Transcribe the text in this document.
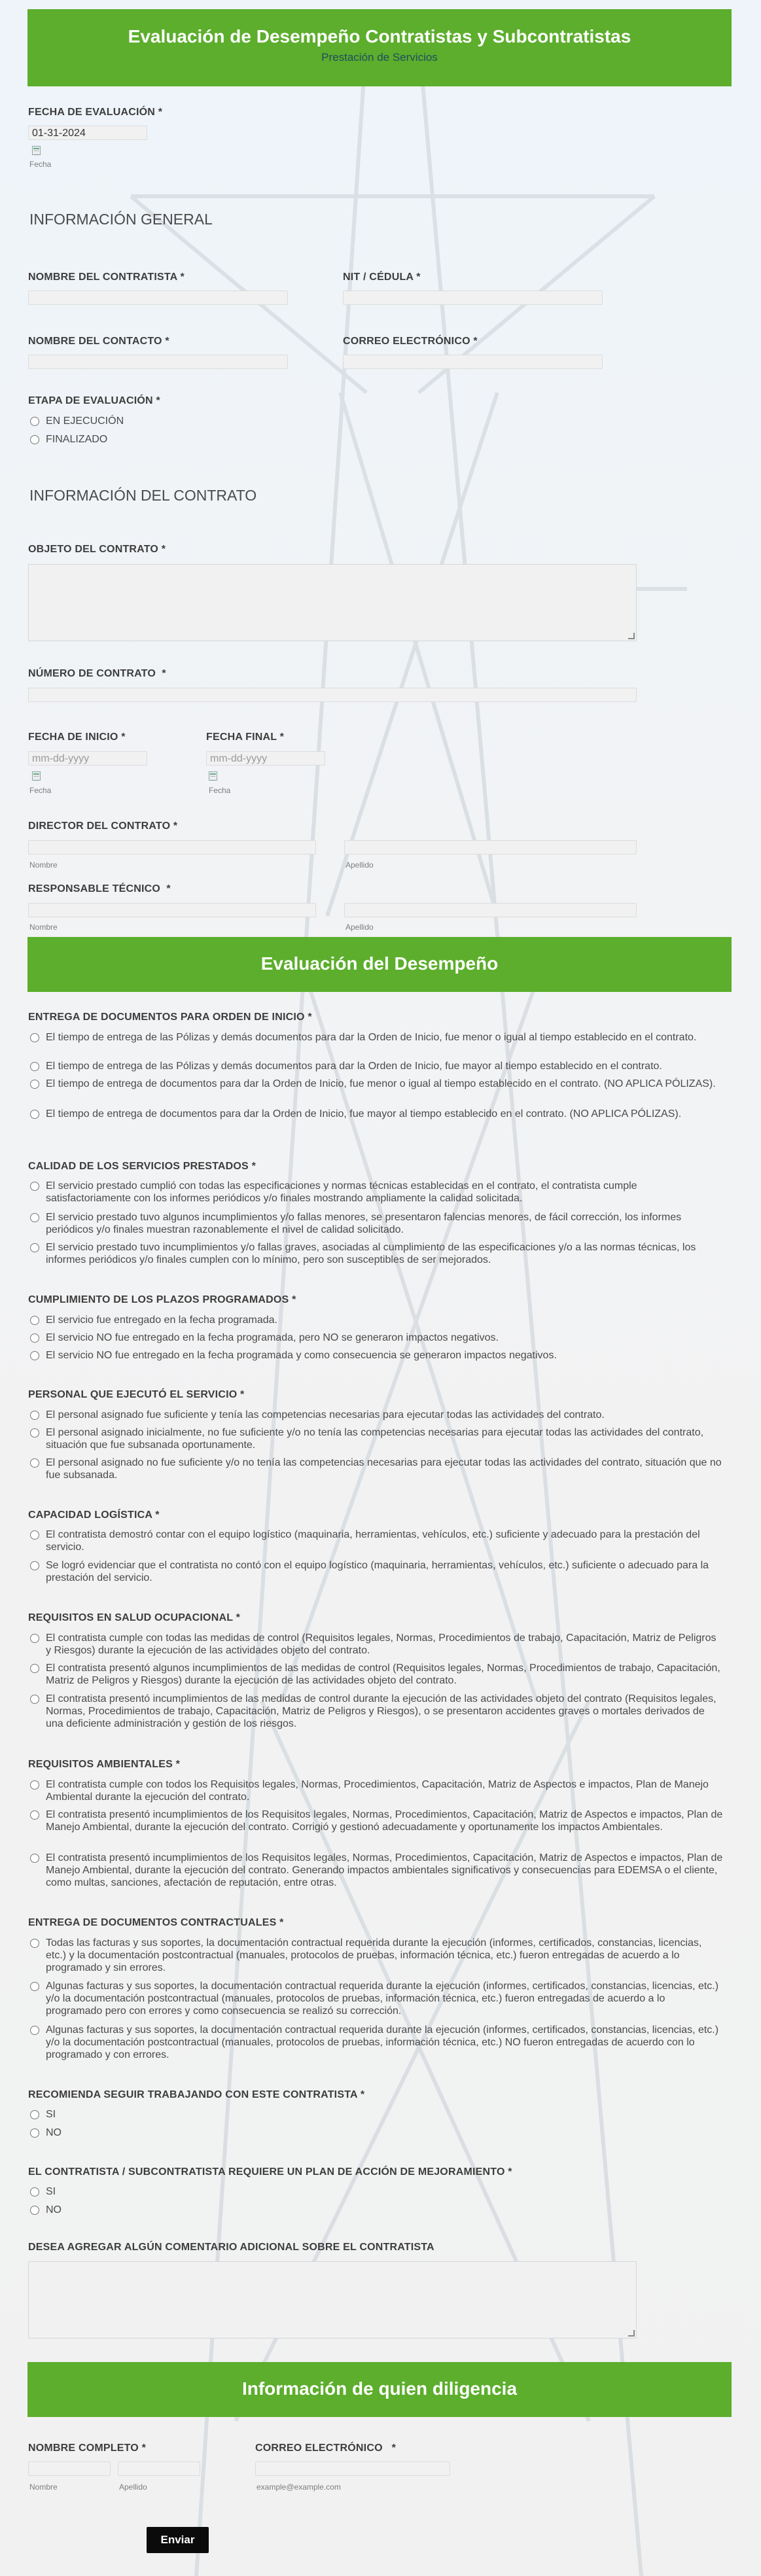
Evaluación de Desempeño Contratistas y Subcontratistas
Prestación de Servicios
FECHA DE EVALUACIÓN *
01-31-2024
Fecha
INFORMACIÓN GENERAL
NOMBRE DEL CONTRATISTA *	NIT / CÉDULA *
NOMBRE DEL CONTACTO *	CORREO ELECTRÓNICO *
ETAPA DE EVALUACIÓN *
EN EJECUCIÓN
FINALIZADO
INFORMACIÓN DEL CONTRATO
OBJETO DEL CONTRATO *
NÚMERO DE CONTRATO *
FECHA DE INICIO *
mm-dd-yyyy
Fecha
FECHA FINAL *
mm-dd-yyyy
Fecha
DIRECTOR DEL CONTRATO *
Nombre	Apellido
RESPONSABLE TÉCNICO *
Nombre	Apellido
Evaluación del Desempeño
ENTREGA DE DOCUMENTOS PARA ORDEN DE INICIO *
El tiempo de entrega de las Pólizas y demás documentos para dar la Orden de Inicio, fue menor o igual al tiempo establecido en el contrato.
El tiempo de entrega de las Pólizas y demás documentos para dar la Orden de Inicio, fue mayor al tiempo establecido en el contrato.
El tiempo de entrega de documentos para dar la Orden de Inicio, fue menor o igual al tiempo establecido en el contrato. (NO APLICA PÓLIZAS).
El tiempo de entrega de documentos para dar la Orden de Inicio, fue mayor al tiempo establecido en el contrato. (NO APLICA PÓLIZAS).
CALIDAD DE LOS SERVICIOS PRESTADOS *
El servicio prestado cumplió con todas las especificaciones y normas técnicas establecidas en el contrato, el contratista cumple satisfactoriamente con los informes periódicos y/o finales mostrando ampliamente la calidad solicitada.
El servicio prestado tuvo algunos incumplimientos y/o fallas menores, se presentaron falencias menores, de fácil corrección, los informes periódicos y/o finales muestran razonablemente el nivel de calidad solicitado.
El servicio prestado tuvo incumplimientos y/o fallas graves, asociadas al cumplimiento de las especificaciones y/o a las normas técnicas, los informes periódicos y/o finales cumplen con lo mínimo, pero son susceptibles de ser mejorados.
CUMPLIMIENTO DE LOS PLAZOS PROGRAMADOS *
El servicio fue entregado en la fecha programada.
El servicio NO fue entregado en la fecha programada, pero NO se generaron impactos negativos.
El servicio NO fue entregado en la fecha programada y como consecuencia se generaron impactos negativos.
PERSONAL QUE EJECUTÓ EL SERVICIO *
El personal asignado fue suficiente y tenía las competencias necesarias para ejecutar todas las actividades del contrato.
El personal asignado inicialmente, no fue suficiente y/o no tenía las competencias necesarias para ejecutar todas las actividades del contrato, situación que fue subsanada oportunamente.
El personal asignado no fue suficiente y/o no tenía las competencias necesarias para ejecutar todas las actividades del contrato, situación que no fue subsanada.
CAPACIDAD LOGÍSTICA *
El contratista demostró contar con el equipo logístico (maquinaria, herramientas, vehículos, etc.) suficiente y adecuado para la prestación del servicio.
Se logró evidenciar que el contratista no contó con el equipo logístico (maquinaria, herramientas, vehículos, etc.) suficiente o adecuado para la prestación del servicio.
REQUISITOS EN SALUD OCUPACIONAL *
El contratista cumple con todas las medidas de control (Requisitos legales, Normas, Procedimientos de trabajo, Capacitación, Matriz de Peligros y Riesgos) durante la ejecución de las actividades objeto del contrato.
El contratista presentó algunos incumplimientos de las medidas de control (Requisitos legales, Normas, Procedimientos de trabajo, Capacitación, Matriz de Peligros y Riesgos) durante la ejecución de las actividades objeto del contrato.
El contratista presentó incumplimientos de las medidas de control durante la ejecución de las actividades objeto del contrato (Requisitos legales, Normas, Procedimientos de trabajo, Capacitación, Matriz de Peligros y Riesgos), o se presentaron accidentes graves o mortales derivados de una deficiente administración y gestión de los riesgos.
REQUISITOS AMBIENTALES *
El contratista cumple con todos los Requisitos legales, Normas, Procedimientos, Capacitación, Matriz de Aspectos e impactos, Plan de Manejo Ambiental durante la ejecución del contrato.
El contratista presentó incumplimientos de los Requisitos legales, Normas, Procedimientos, Capacitación, Matriz de Aspectos e impactos, Plan de Manejo Ambiental, durante la ejecución del contrato. Corrigió y gestionó adecuadamente y oportunamente los impactos Ambientales.
El contratista presentó incumplimientos de los Requisitos legales, Normas, Procedimientos, Capacitación, Matriz de Aspectos e impactos, Plan de Manejo Ambiental, durante la ejecución del contrato. Generando impactos ambientales significativos y consecuencias para EDEMSA o el cliente, como multas, sanciones, afectación de reputación, entre otras.
ENTREGA DE DOCUMENTOS CONTRACTUALES *
Todas las facturas y sus soportes, la documentación contractual requerida durante la ejecución (informes, certificados, constancias, licencias, etc.) y la documentación postcontractual (manuales, protocolos de pruebas, información técnica, etc.) fueron entregadas de acuerdo a lo programado y sin errores.
Algunas facturas y sus soportes, la documentación contractual requerida durante la ejecución (informes, certificados, constancias, licencias, etc.) y/o la documentación postcontractual (manuales, protocolos de pruebas, información técnica, etc.) fueron entregadas de acuerdo a lo programado pero con errores y como consecuencia se realizó su corrección.
Algunas facturas y sus soportes, la documentación contractual requerida durante la ejecución (informes, certificados, constancias, licencias, etc.) y/o la documentación postcontractual (manuales, protocolos de pruebas, información técnica, etc.) NO fueron entregadas de acuerdo con lo programado y con errores.
RECOMIENDA SEGUIR TRABAJANDO CON ESTE CONTRATISTA *
SI
NO
EL CONTRATISTA / SUBCONTRATISTA REQUIERE UN PLAN DE ACCIÓN DE MEJORAMIENTO *
SI
NO
DESEA AGREGAR ALGÚN COMENTARIO ADICIONAL SOBRE EL CONTRATISTA
Información de quien diligencia
NOMBRE COMPLETO *
Nombre	Apellido
CORREO ELECTRÓNICO *
example@example.com
Enviar
